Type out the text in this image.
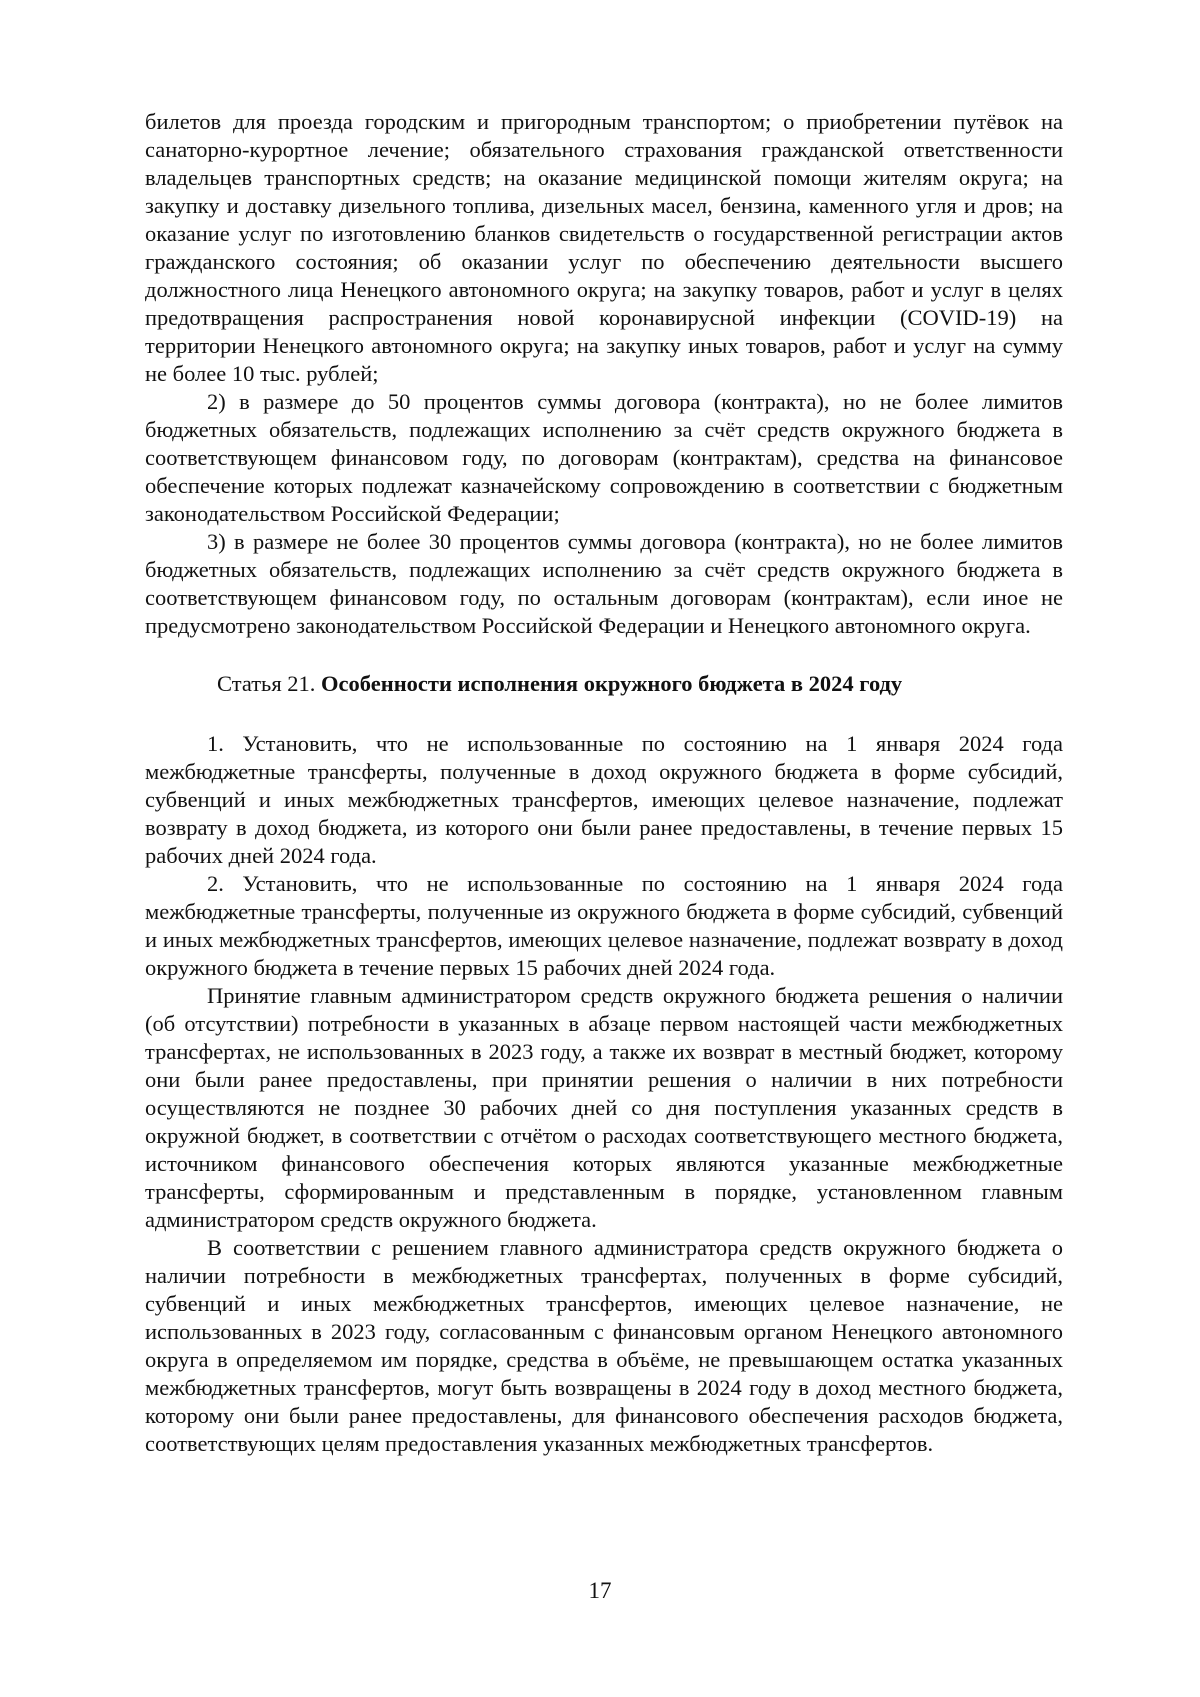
билетов для проезда городским и пригородным транспортом; о приобретении путёвок на санаторно-курортное лечение; обязательного страхования гражданской ответственности владельцев транспортных средств; на оказание медицинской помощи жителям округа; на закупку и доставку дизельного топлива, дизельных масел, бензина, каменного угля и дров; на оказание услуг по изготовлению бланков свидетельств о государственной регистрации актов гражданского состояния; об оказании услуг по обеспечению деятельности высшего должностного лица Ненецкого автономного округа; на закупку товаров, работ и услуг в целях предотвращения распространения новой коронавирусной инфекции (COVID-19) на территории Ненецкого автономного округа; на закупку иных товаров, работ и услуг на сумму не более 10 тыс. рублей;

2) в размере до 50 процентов суммы договора (контракта), но не более лимитов бюджетных обязательств, подлежащих исполнению за счёт средств окружного бюджета в соответствующем финансовом году, по договорам (контрактам), средства на финансовое обеспечение которых подлежат казначейскому сопровождению в соответствии с бюджетным законодательством Российской Федерации;

3) в размере не более 30 процентов суммы договора (контракта), но не более лимитов бюджетных обязательств, подлежащих исполнению за счёт средств окружного бюджета в соответствующем финансовом году, по остальным договорам (контрактам), если иное не предусмотрено законодательством Российской Федерации и Ненецкого автономного округа.

Статья 21. Особенности исполнения окружного бюджета в 2024 году

1. Установить, что не использованные по состоянию на 1 января 2024 года межбюджетные трансферты, полученные в доход окружного бюджета в форме субсидий, субвенций и иных межбюджетных трансфертов, имеющих целевое назначение, подлежат возврату в доход бюджета, из которого они были ранее предоставлены, в течение первых 15 рабочих дней 2024 года.

2. Установить, что не использованные по состоянию на 1 января 2024 года межбюджетные трансферты, полученные из окружного бюджета в форме субсидий, субвенций и иных межбюджетных трансфертов, имеющих целевое назначение, подлежат возврату в доход окружного бюджета в течение первых 15 рабочих дней 2024 года.

Принятие главным администратором средств окружного бюджета решения о наличии (об отсутствии) потребности в указанных в абзаце первом настоящей части межбюджетных трансфертах, не использованных в 2023 году, а также их возврат в местный бюджет, которому они были ранее предоставлены, при принятии решения о наличии в них потребности осуществляются не позднее 30 рабочих дней со дня поступления указанных средств в окружной бюджет, в соответствии с отчётом о расходах соответствующего местного бюджета, источником финансового обеспечения которых являются указанные межбюджетные трансферты, сформированным и представленным в порядке, установленном главным администратором средств окружного бюджета.

В соответствии с решением главного администратора средств окружного бюджета о наличии потребности в межбюджетных трансфертах, полученных в форме субсидий, субвенций и иных межбюджетных трансфертов, имеющих целевое назначение, не использованных в 2023 году, согласованным с финансовым органом Ненецкого автономного округа в определяемом им порядке, средства в объёме, не превышающем остатка указанных межбюджетных трансфертов, могут быть возвращены в 2024 году в доход местного бюджета, которому они были ранее предоставлены, для финансового обеспечения расходов бюджета, соответствующих целям предоставления указанных межбюджетных трансфертов.

17
